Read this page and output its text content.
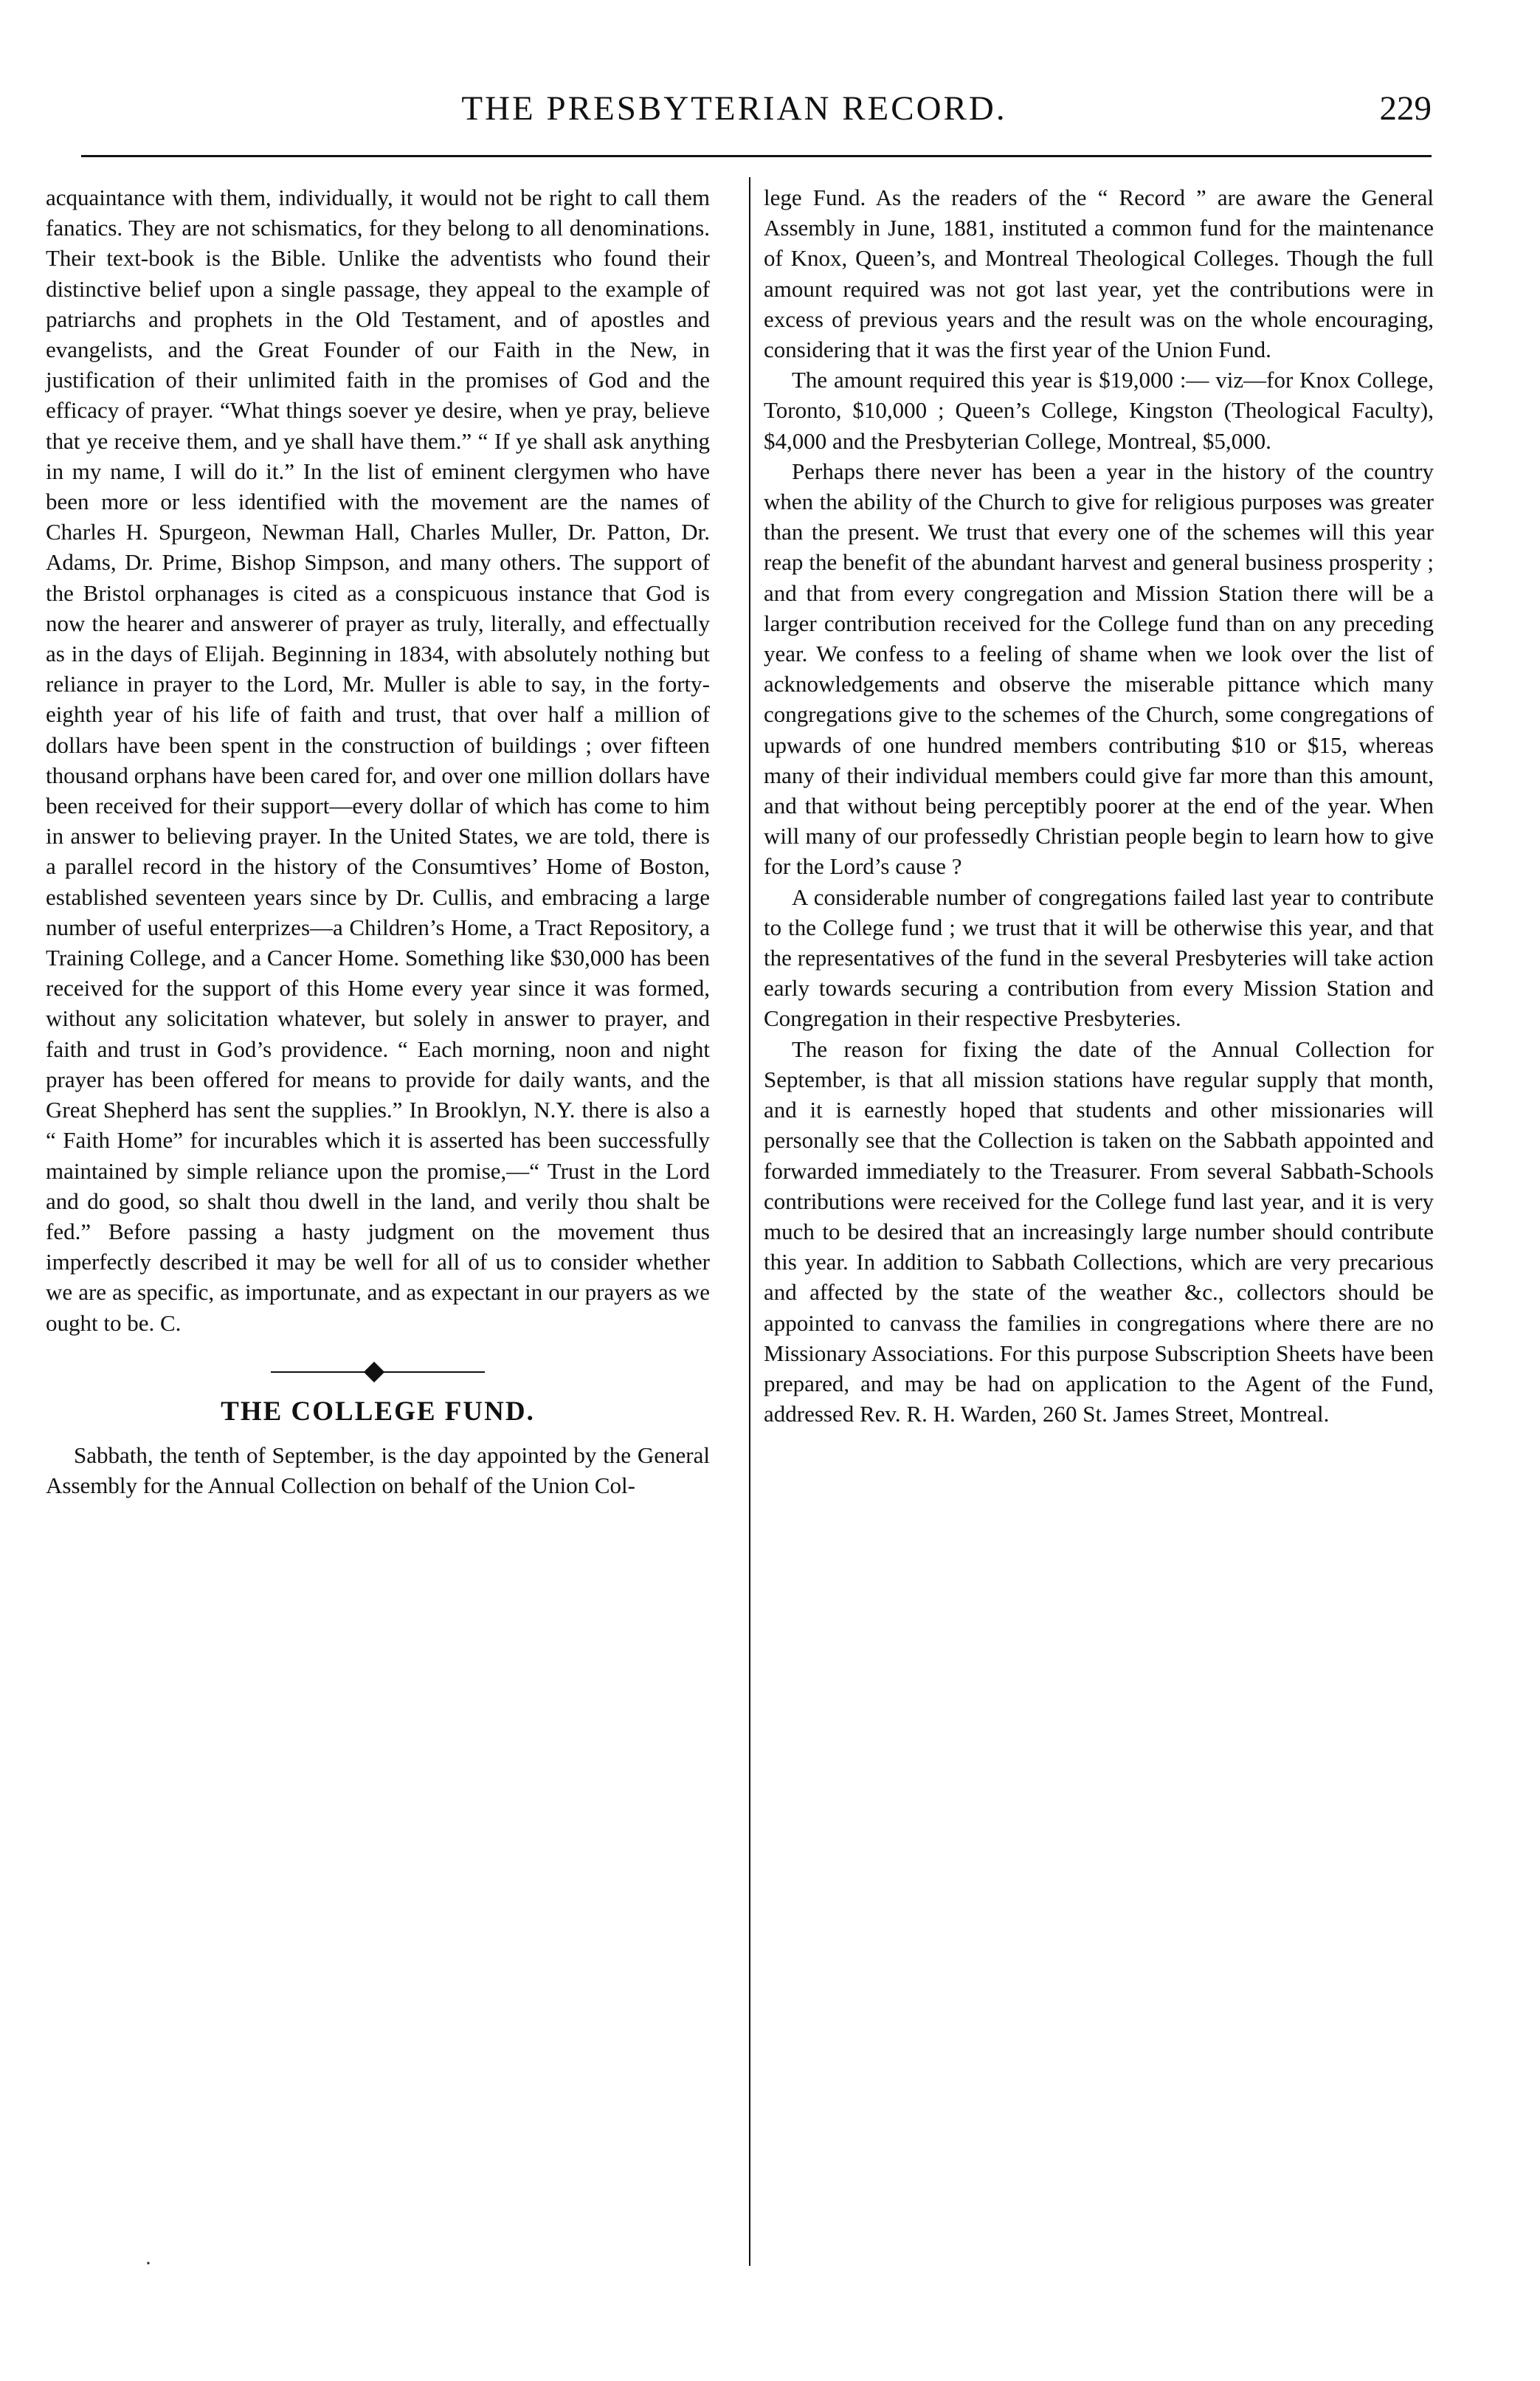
THE PRESBYTERIAN RECORD.	229

acquaintance with them, individually, it would not be right to call them fanatics. They are not schismatics, for they belong to all denominations. Their text-book is the Bible. Unlike the adventists who found their distinctive belief upon a single passage, they appeal to the example of patriarchs and prophets in the Old Testament, and of apostles and evangelists, and the Great Founder of our Faith in the New, in justification of their unlimited faith in the promises of God and the efficacy of prayer. “What things soever ye desire, when ye pray, believe that ye receive them, and ye shall have them.” “ If ye shall ask anything in my name, I will do it.” In the list of eminent clergymen who have been more or less identified with the movement are the names of Charles H. Spurgeon, Newman Hall, Charles Muller, Dr. Patton, Dr. Adams, Dr. Prime, Bishop Simpson, and many others. The support of the Bristol orphanages is cited as a conspicuous instance that God is now the hearer and answerer of prayer as truly, literally, and effectually as in the days of Elijah. Beginning in 1834, with absolutely nothing but reliance in prayer to the Lord, Mr. Muller is able to say, in the forty-eighth year of his life of faith and trust, that over half a million of dollars have been spent in the construction of buildings ; over fifteen thousand orphans have been cared for, and over one million dollars have been received for their support—every dollar of which has come to him in answer to believing prayer. In the United States, we are told, there is a parallel record in the history of the Consumtives’ Home of Boston, established seventeen years since by Dr. Cullis, and embracing a large number of useful enterprizes—a Children’s Home, a Tract Repository, a Training College, and a Cancer Home. Something like $30,000 has been received for the support of this Home every year since it was formed, without any solicitation whatever, but solely in answer to prayer, and faith and trust in God’s providence. “ Each morning, noon and night prayer has been offered for means to provide for daily wants, and the Great Shepherd has sent the supplies.” In Brooklyn, N.Y. there is also a “ Faith Home” for incurables which it is asserted has been successfully maintained by simple reliance upon the promise,—“ Trust in the Lord and do good, so shalt thou dwell in the land, and verily thou shalt be fed.” Before passing a hasty judgment on the movement thus imperfectly described it may be well for all of us to consider whether we are as specific, as importunate, and as expectant in our prayers as we ought to be. C.

THE COLLEGE FUND.

Sabbath, the tenth of September, is the day appointed by the General Assembly for the Annual Collection on behalf of the Union Col-

lege Fund. As the readers of the “ Record ” are aware the General Assembly in June, 1881, instituted a common fund for the maintenance of Knox, Queen’s, and Montreal Theological Colleges. Though the full amount required was not got last year, yet the contributions were in excess of previous years and the result was on the whole encouraging, considering that it was the first year of the Union Fund.

The amount required this year is $19,000 :— viz—for Knox College, Toronto, $10,000 ; Queen’s College, Kingston (Theological Faculty), $4,000 and the Presbyterian College, Montreal, $5,000.

Perhaps there never has been a year in the history of the country when the ability of the Church to give for religious purposes was greater than the present. We trust that every one of the schemes will this year reap the benefit of the abundant harvest and general business prosperity ; and that from every congregation and Mission Station there will be a larger contribution received for the College fund than on any preceding year. We confess to a feeling of shame when we look over the list of acknowledgements and observe the miserable pittance which many congregations give to the schemes of the Church, some congregations of upwards of one hundred members contributing $10 or $15, whereas many of their individual members could give far more than this amount, and that without being perceptibly poorer at the end of the year. When will many of our professedly Christian people begin to learn how to give for the Lord’s cause ?

A considerable number of congregations failed last year to contribute to the College fund ; we trust that it will be otherwise this year, and that the representatives of the fund in the several Presbyteries will take action early towards securing a contribution from every Mission Station and Congregation in their respective Presbyteries.

The reason for fixing the date of the Annual Collection for September, is that all mission stations have regular supply that month, and it is earnestly hoped that students and other missionaries will personally see that the Collection is taken on the Sabbath appointed and forwarded immediately to the Treasurer. From several Sabbath-Schools contributions were received for the College fund last year, and it is very much to be desired that an increasingly large number should contribute this year. In addition to Sabbath Collections, which are very precarious and affected by the state of the weather &c., collectors should be appointed to canvass the families in congregations where there are no Missionary Associations. For this purpose Subscription Sheets have been prepared, and may be had on application to the Agent of the Fund, addressed Rev. R. H. Warden, 260 St. James Street, Montreal.

·
